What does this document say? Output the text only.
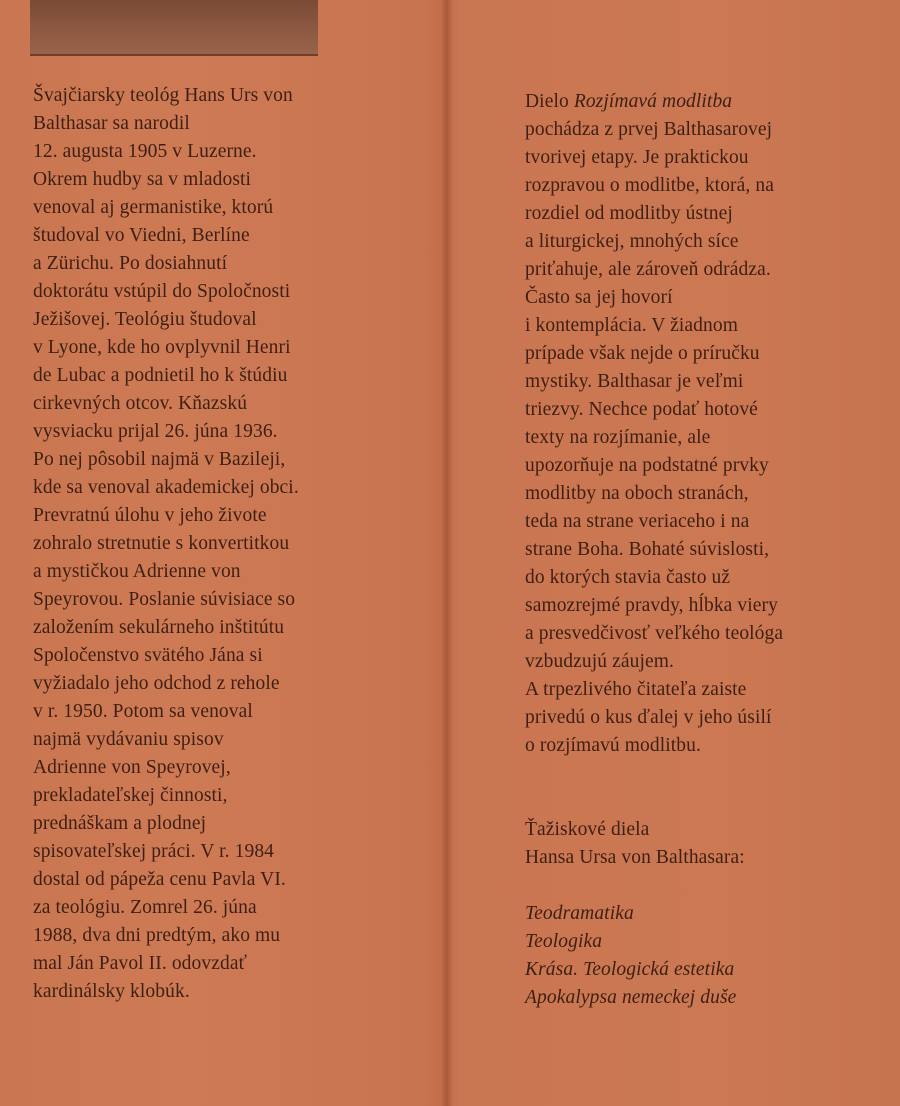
Švajčiarsky teológ Hans Urs von
Balthasar sa narodil
12. augusta 1905 v Luzerne.
Okrem hudby sa v mladosti
venoval aj germanistike, ktorú
študoval vo Viedni, Berlíne
a Zürichu. Po dosiahnutí
doktorátu vstúpil do Spoločnosti
Ježišovej. Teológiu študoval
v Lyone, kde ho ovplyvnil Henri
de Lubac a podnietil ho k štúdiu
cirkevných otcov. Kňazskú
vysviacku prijal 26. júna 1936.
Po nej pôsobil najmä v Bazileji,
kde sa venoval akademickej obci.
Prevratnú úlohu v jeho živote
zohralo stretnutie s konvertitkou
a mystičkou Adrienne von
Speyrovou. Poslanie súvisiace so
založením sekulárneho inštitútu
Spoločenstvo svätého Jána si
vyžiadalo jeho odchod z rehole
v r. 1950. Potom sa venoval
najmä vydávaniu spisov
Adrienne von Speyrovej,
prekladateľskej činnosti,
prednáškam a plodnej
spisovateľskej práci. V r. 1984
dostal od pápeža cenu Pavla VI.
za teológiu. Zomrel 26. júna
1988, dva dni predtým, ako mu
mal Ján Pavol II. odovzdať
kardinálsky klobúk.
Dielo Rozjímavá modlitba
pochádza z prvej Balthasarovej
tvorivej etapy. Je praktickou
rozpravou o modlitbe, ktorá, na
rozdiel od modlitby ústnej
a liturgickej, mnohých síce
priťahuje, ale zároveň odrádza.
Často sa jej hovorí
i kontemplácia. V žiadnom
prípade však nejde o príručku
mystiky. Balthasar je veľmi
triezvy. Nechce podať hotové
texty na rozjímanie, ale
upozorňuje na podstatné prvky
modlitby na oboch stranách,
teda na strane veriaceho i na
strane Boha. Bohaté súvislosti,
do ktorých stavia často už
samozrejmé pravdy, hĺbka viery
a presvedčivosť veľkého teológa
vzbudzujú záujem.
A trpezlivého čitateľa zaiste
privedú o kus ďalej v jeho úsilí
o rozjímavú modlitbu.
Ťažiskové diela
Hansa Ursa von Balthasara:
Teodramatika
Teologika
Krása. Teologická estetika
Apokalypsa nemeckej duše
